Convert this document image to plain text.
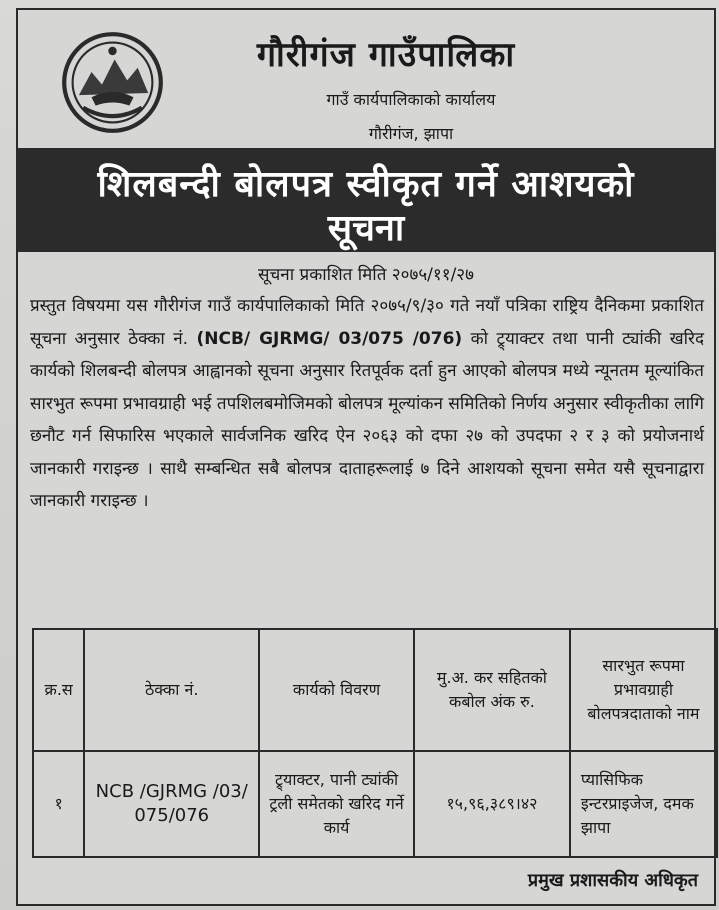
गौरीगंज गाउँपालिका
गाउँ कार्यपालिकाको कार्यालय
गौरीगंज, झापा
शिलबन्दी बोलपत्र स्वीकृत गर्ने आशयको
सूचना
सूचना प्रकाशित मिति २०७५/११/२७
प्रस्तुत विषयमा यस गौरीगंज गाउँ कार्यपालिकाको मिति २०७५/९/३० गते नयाँ पत्रिका राष्ट्रिय दैनिकमा प्रकाशित सूचना अनुसार ठेक्का नं. (NCB/ GJRMG/ 03/075 /076) को ट्र्याक्टर तथा पानी ट्यांकी खरिद कार्यको शिलबन्दी बोलपत्र आह्वानको सूचना अनुसार रितपूर्वक दर्ता हुन आएको बोलपत्र मध्ये न्यूनतम मूल्यांकित सारभुत रूपमा प्रभावग्राही भई तपशिलबमोजिमको बोलपत्र मूल्यांकन समितिको निर्णय अनुसार स्वीकृतीका लागि छनौट गर्न सिफारिस भएकाले सार्वजनिक खरिद ऐन २०६३ को दफा २७ को उपदफा २ र ३ को प्रयोजनार्थ जानकारी गराइन्छ । साथै सम्बन्धित सबै बोलपत्र दाताहरूलाई ७ दिने आशयको सूचना समेत यसै सूचनाद्वारा जानकारी गराइन्छ ।
क्र.स	ठेक्का नं.	कार्यको विवरण	मु.अ. कर सहितको कबोल अंक रु.	सारभुत रूपमा प्रभावग्राही बोलपत्रदाताको नाम
१	NCB /GJRMG /03/ 075/076	ट्र्याक्टर, पानी ट्यांकी ट्रली समेतको खरिद गर्ने कार्य	१५,९६,३८९।४२	प्यासिफिक इन्टरप्राइजेज, दमक झापा
प्रमुख प्रशासकीय अधिकृत
